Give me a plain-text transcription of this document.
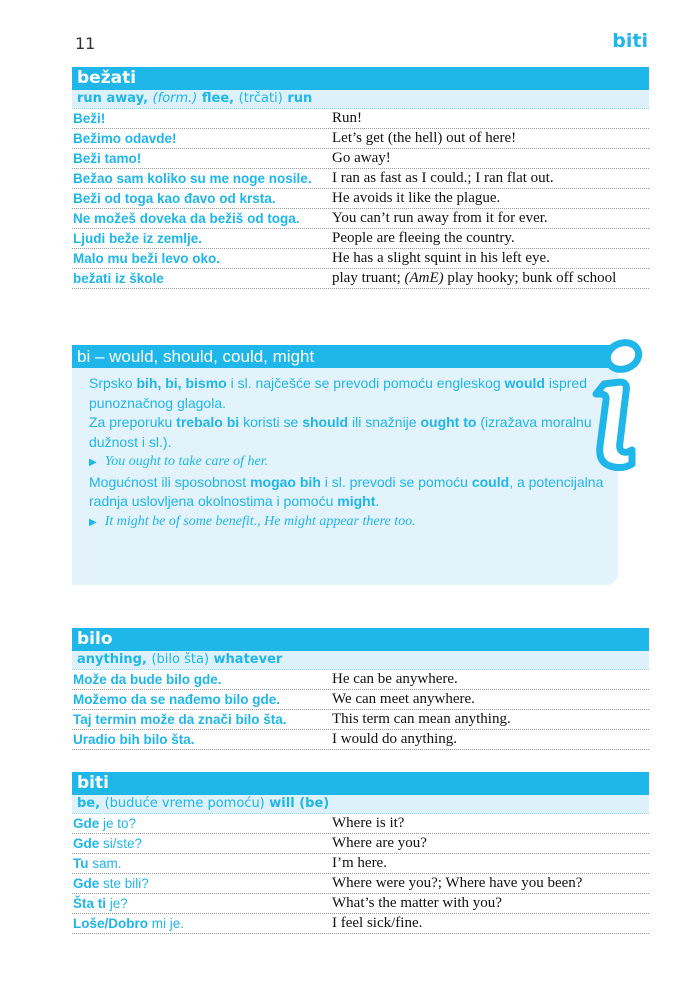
11	biti
bežati
run away, (form.) flee, (trčati) run
Beži!	Run!
Bežimo odavde!	Let’s get (the hell) out of here!
Beži tamo!	Go away!
Bežao sam koliko su me noge nosile.	I ran as fast as I could.; I ran flat out.
Beži od toga kao đavo od krsta.	He avoids it like the plague.
Ne možeš doveka da bežiš od toga.	You can’t run away from it for ever.
Ljudi beže iz zemlje.	People are fleeing the country.
Malo mu beži levo oko.	He has a slight squint in his left eye.
bežati iz škole	play truant; (AmE) play hooky; bunk off school
bi – would, should, could, might
Srpsko bih, bi, bismo i sl. najčešće se prevodi pomoću engleskog would ispred punoznačnog glagola.
Za preporuku trebalo bi koristi se should ili snažnije ought to (izražava moralnu dužnost i sl.).
▶ You ought to take care of her.
Mogućnost ili sposobnost mogao bih i sl. prevodi se pomoću could, a potencijalna radnja uslovljena okolnostima i pomoću might.
▶ It might be of some benefit., He might appear there too.
bilo
anything, (bilo šta) whatever
Može da bude bilo gde.	He can be anywhere.
Možemo da se nađemo bilo gde.	We can meet anywhere.
Taj termin može da znači bilo šta.	This term can mean anything.
Uradio bih bilo šta.	I would do anything.
biti
be, (buduće vreme pomoću) will (be)
Gde je to?	Where is it?
Gde si/ste?	Where are you?
Tu sam.	I’m here.
Gde ste bili?	Where were you?; Where have you been?
Šta ti je?	What’s the matter with you?
Loše/Dobro mi je.	I feel sick/fine.
